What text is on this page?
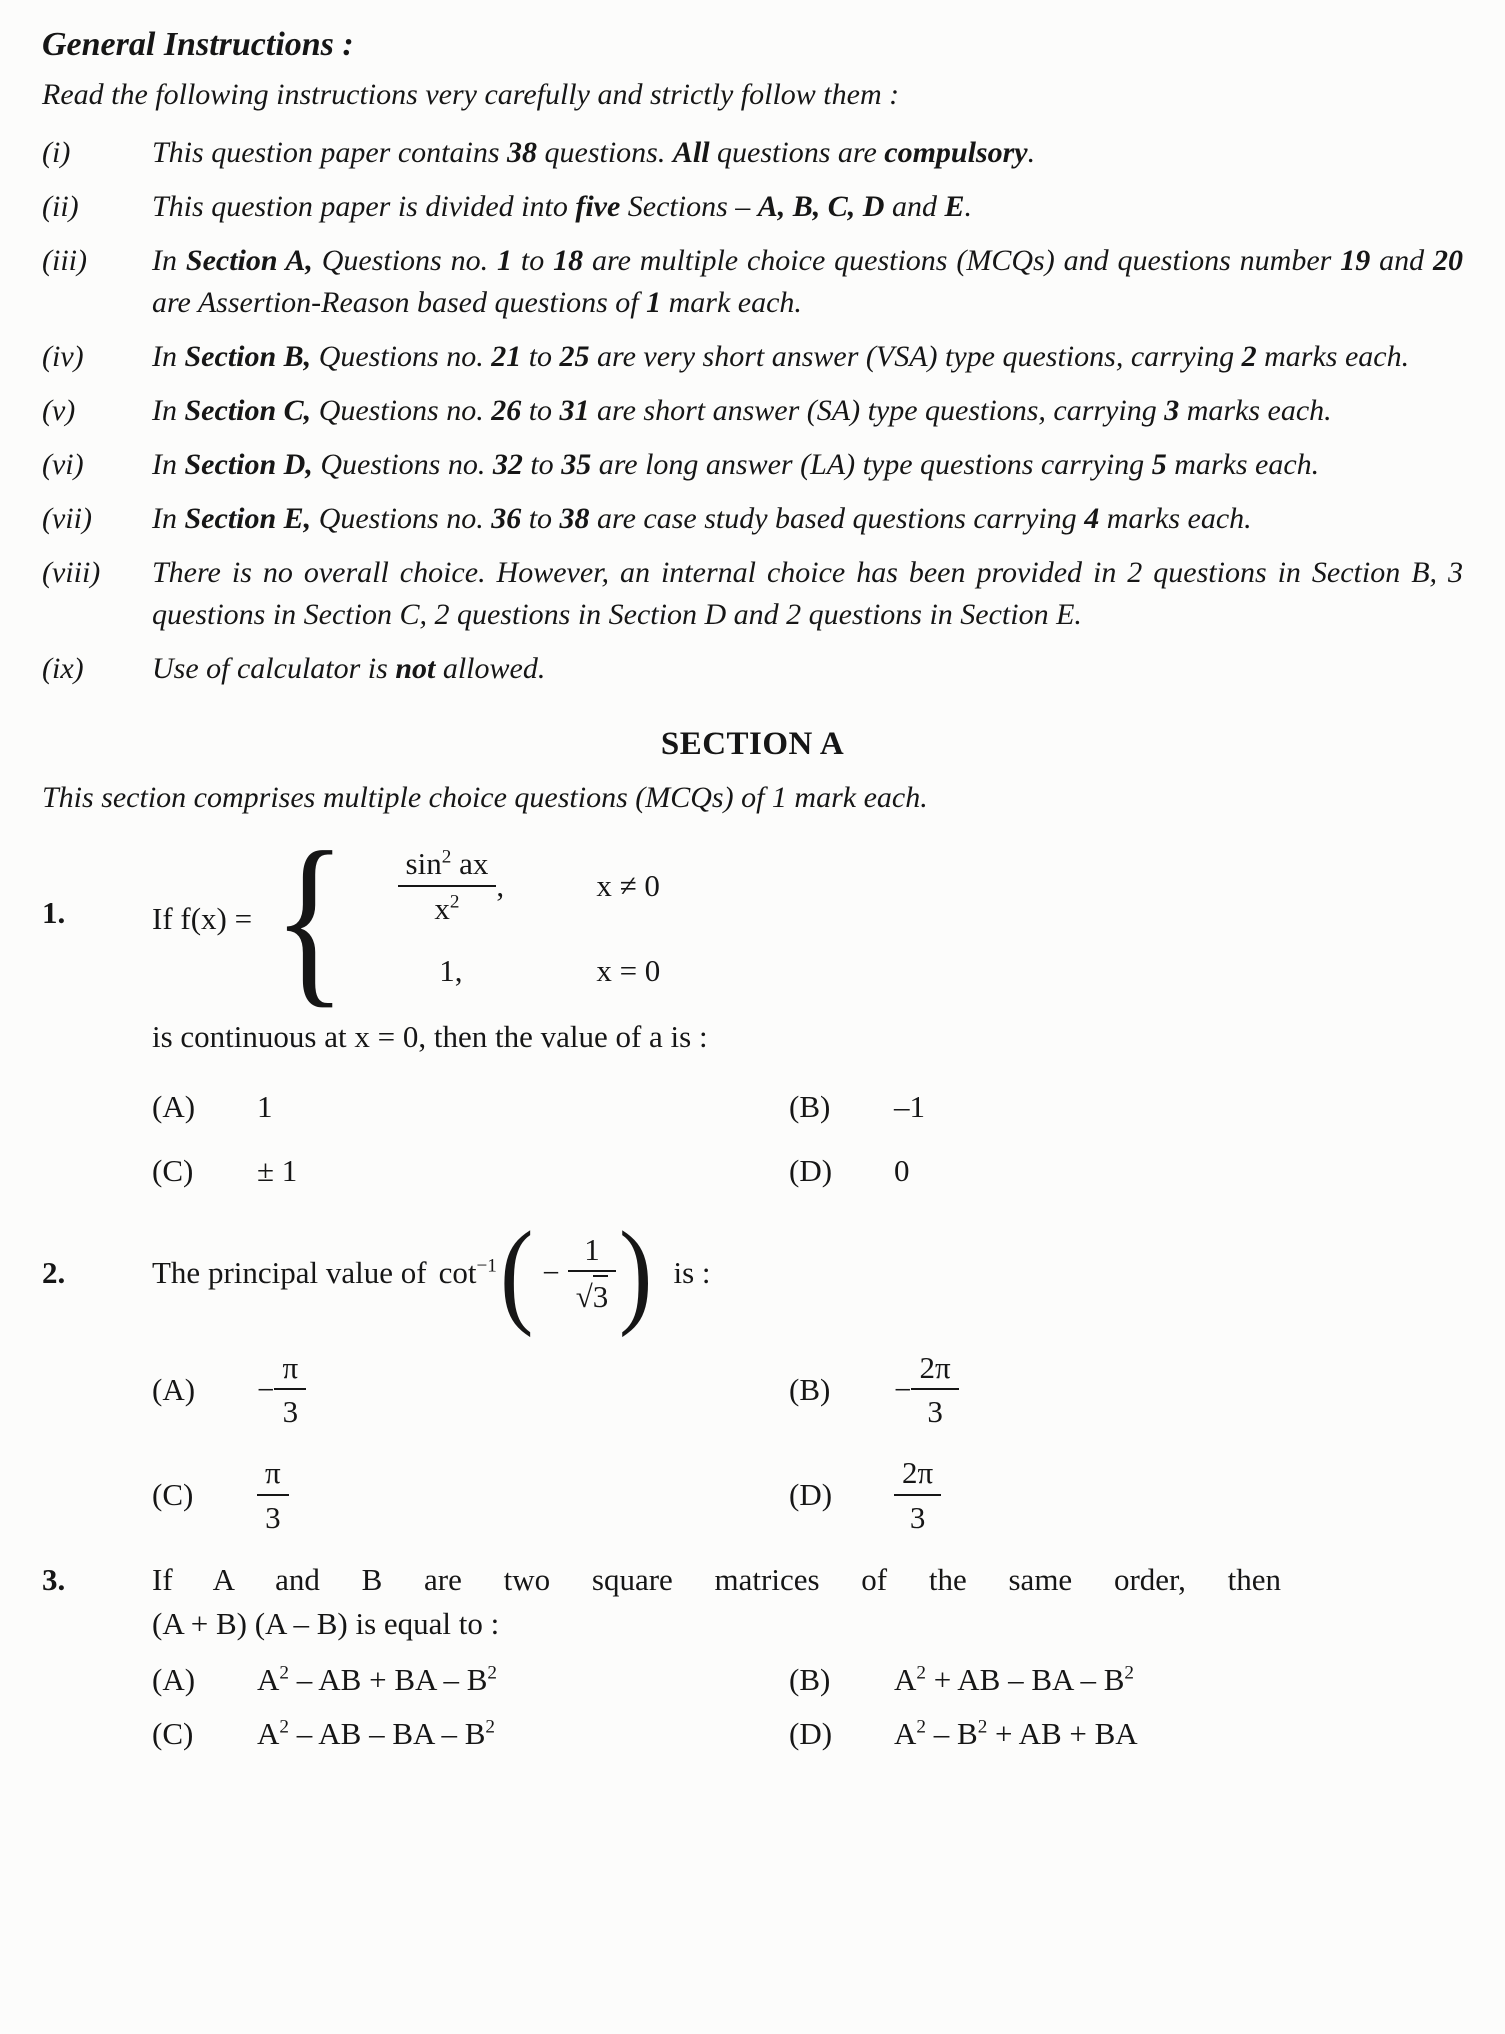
General Instructions :

Read the following instructions very carefully and strictly follow them :

(i)	This question paper contains 38 questions. All questions are compulsory.
(ii)	This question paper is divided into five Sections – A, B, C, D and E.
(iii)	In Section A, Questions no. 1 to 18 are multiple choice questions (MCQs) and questions number 19 and 20 are Assertion-Reason based questions of 1 mark each.
(iv)	In Section B, Questions no. 21 to 25 are very short answer (VSA) type questions, carrying 2 marks each.
(v)	In Section C, Questions no. 26 to 31 are short answer (SA) type questions, carrying 3 marks each.
(vi)	In Section D, Questions no. 32 to 35 are long answer (LA) type questions carrying 5 marks each.
(vii)	In Section E, Questions no. 36 to 38 are case study based questions carrying 4 marks each.
(viii)	There is no overall choice. However, an internal choice has been provided in 2 questions in Section B, 3 questions in Section C, 2 questions in Section D and 2 questions in Section E.
(ix)	Use of calculator is not allowed.
SECTION A

This section comprises multiple choice questions (MCQs) of 1 mark each.

1.	If f(x) = { $\frac{\sin^2 ax}{x^2}$ ,	x ≠ 0
1,	x = 0

is continuous at x = 0, then the value of a is :

(A)	1	(B)	–1
(C)	± 1	(D)	0
2.	The principal value of $\cot^{-1}$ ( − $\frac{1}{√3}$ ) is :
(A)	− $\frac{\pi}{3}$	(B)	− $\frac{2\pi}{3}$
(C)	$\frac{\pi}{3}$	(D)	$\frac{2\pi}{3}$
3.	If A and B are two square matrices of the same order, then

(A + B) (A – B) is equal to :

(A)	$A^2$ – AB + BA – $B^2$	(B)	$A^2$ + AB – BA – $B^2$
(C)	$A^2$ – AB – BA – $B^2$	(D)	$A^2 - B^2$ + AB + BA
